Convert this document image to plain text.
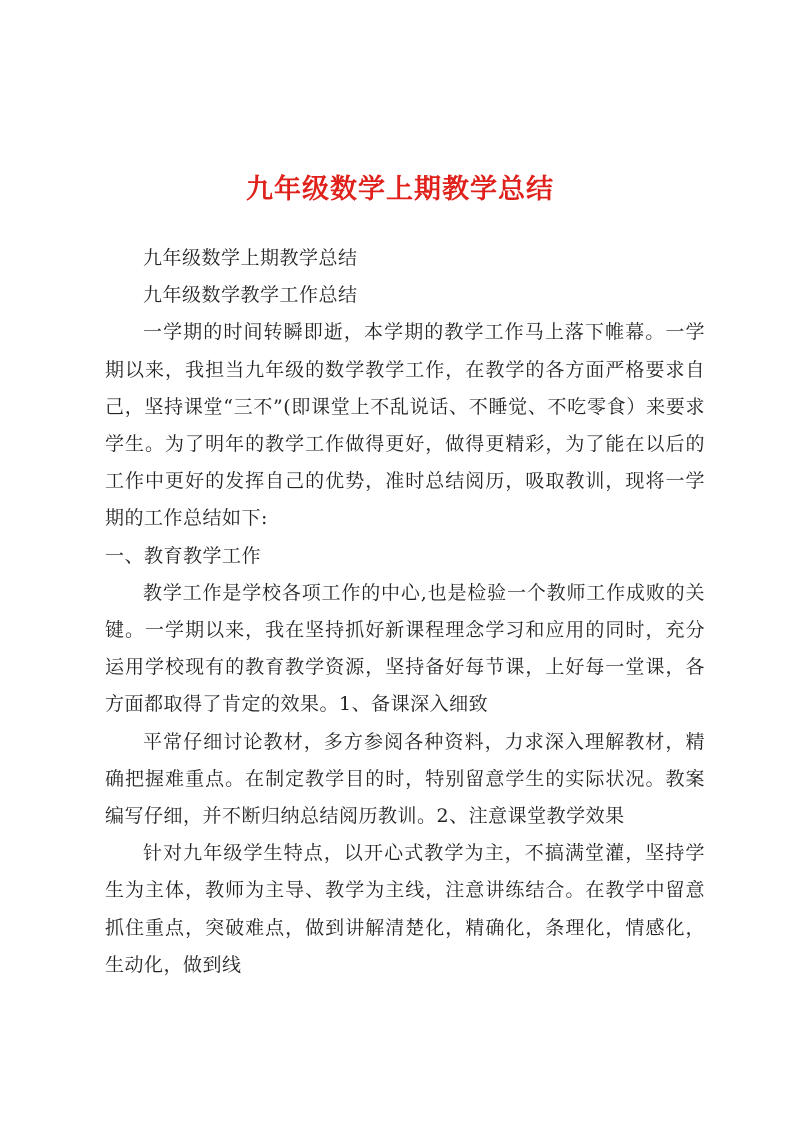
九年级数学上期教学总结

九年级数学上期教学总结

九年级数学教学工作总结

一学期的时间转瞬即逝，本学期的教学工作马上落下帷幕。一学期以来，我担当九年级的数学教学工作，在教学的各方面严格要求自己，坚持课堂“三不”(即课堂上不乱说话、不睡觉、不吃零食）来要求学生。为了明年的教学工作做得更好，做得更精彩，为了能在以后的工作中更好的发挥自己的优势，准时总结阅历，吸取教训，现将一学期的工作总结如下:

一、教育教学工作

教学工作是学校各项工作的中心,也是检验一个教师工作成败的关键。一学期以来，我在坚持抓好新课程理念学习和应用的同时，充分运用学校现有的教育教学资源，坚持备好每节课，上好每一堂课，各方面都取得了肯定的效果。1、备课深入细致

平常仔细讨论教材，多方参阅各种资料，力求深入理解教材，精确把握难重点。在制定教学目的时，特别留意学生的实际状况。教案编写仔细，并不断归纳总结阅历教训。2、注意课堂教学效果

针对九年级学生特点，以开心式教学为主，不搞满堂灌，坚持学生为主体，教师为主导、教学为主线，注意讲练结合。在教学中留意抓住重点，突破难点，做到讲解清楚化，精确化，条理化，情感化，生动化，做到线
